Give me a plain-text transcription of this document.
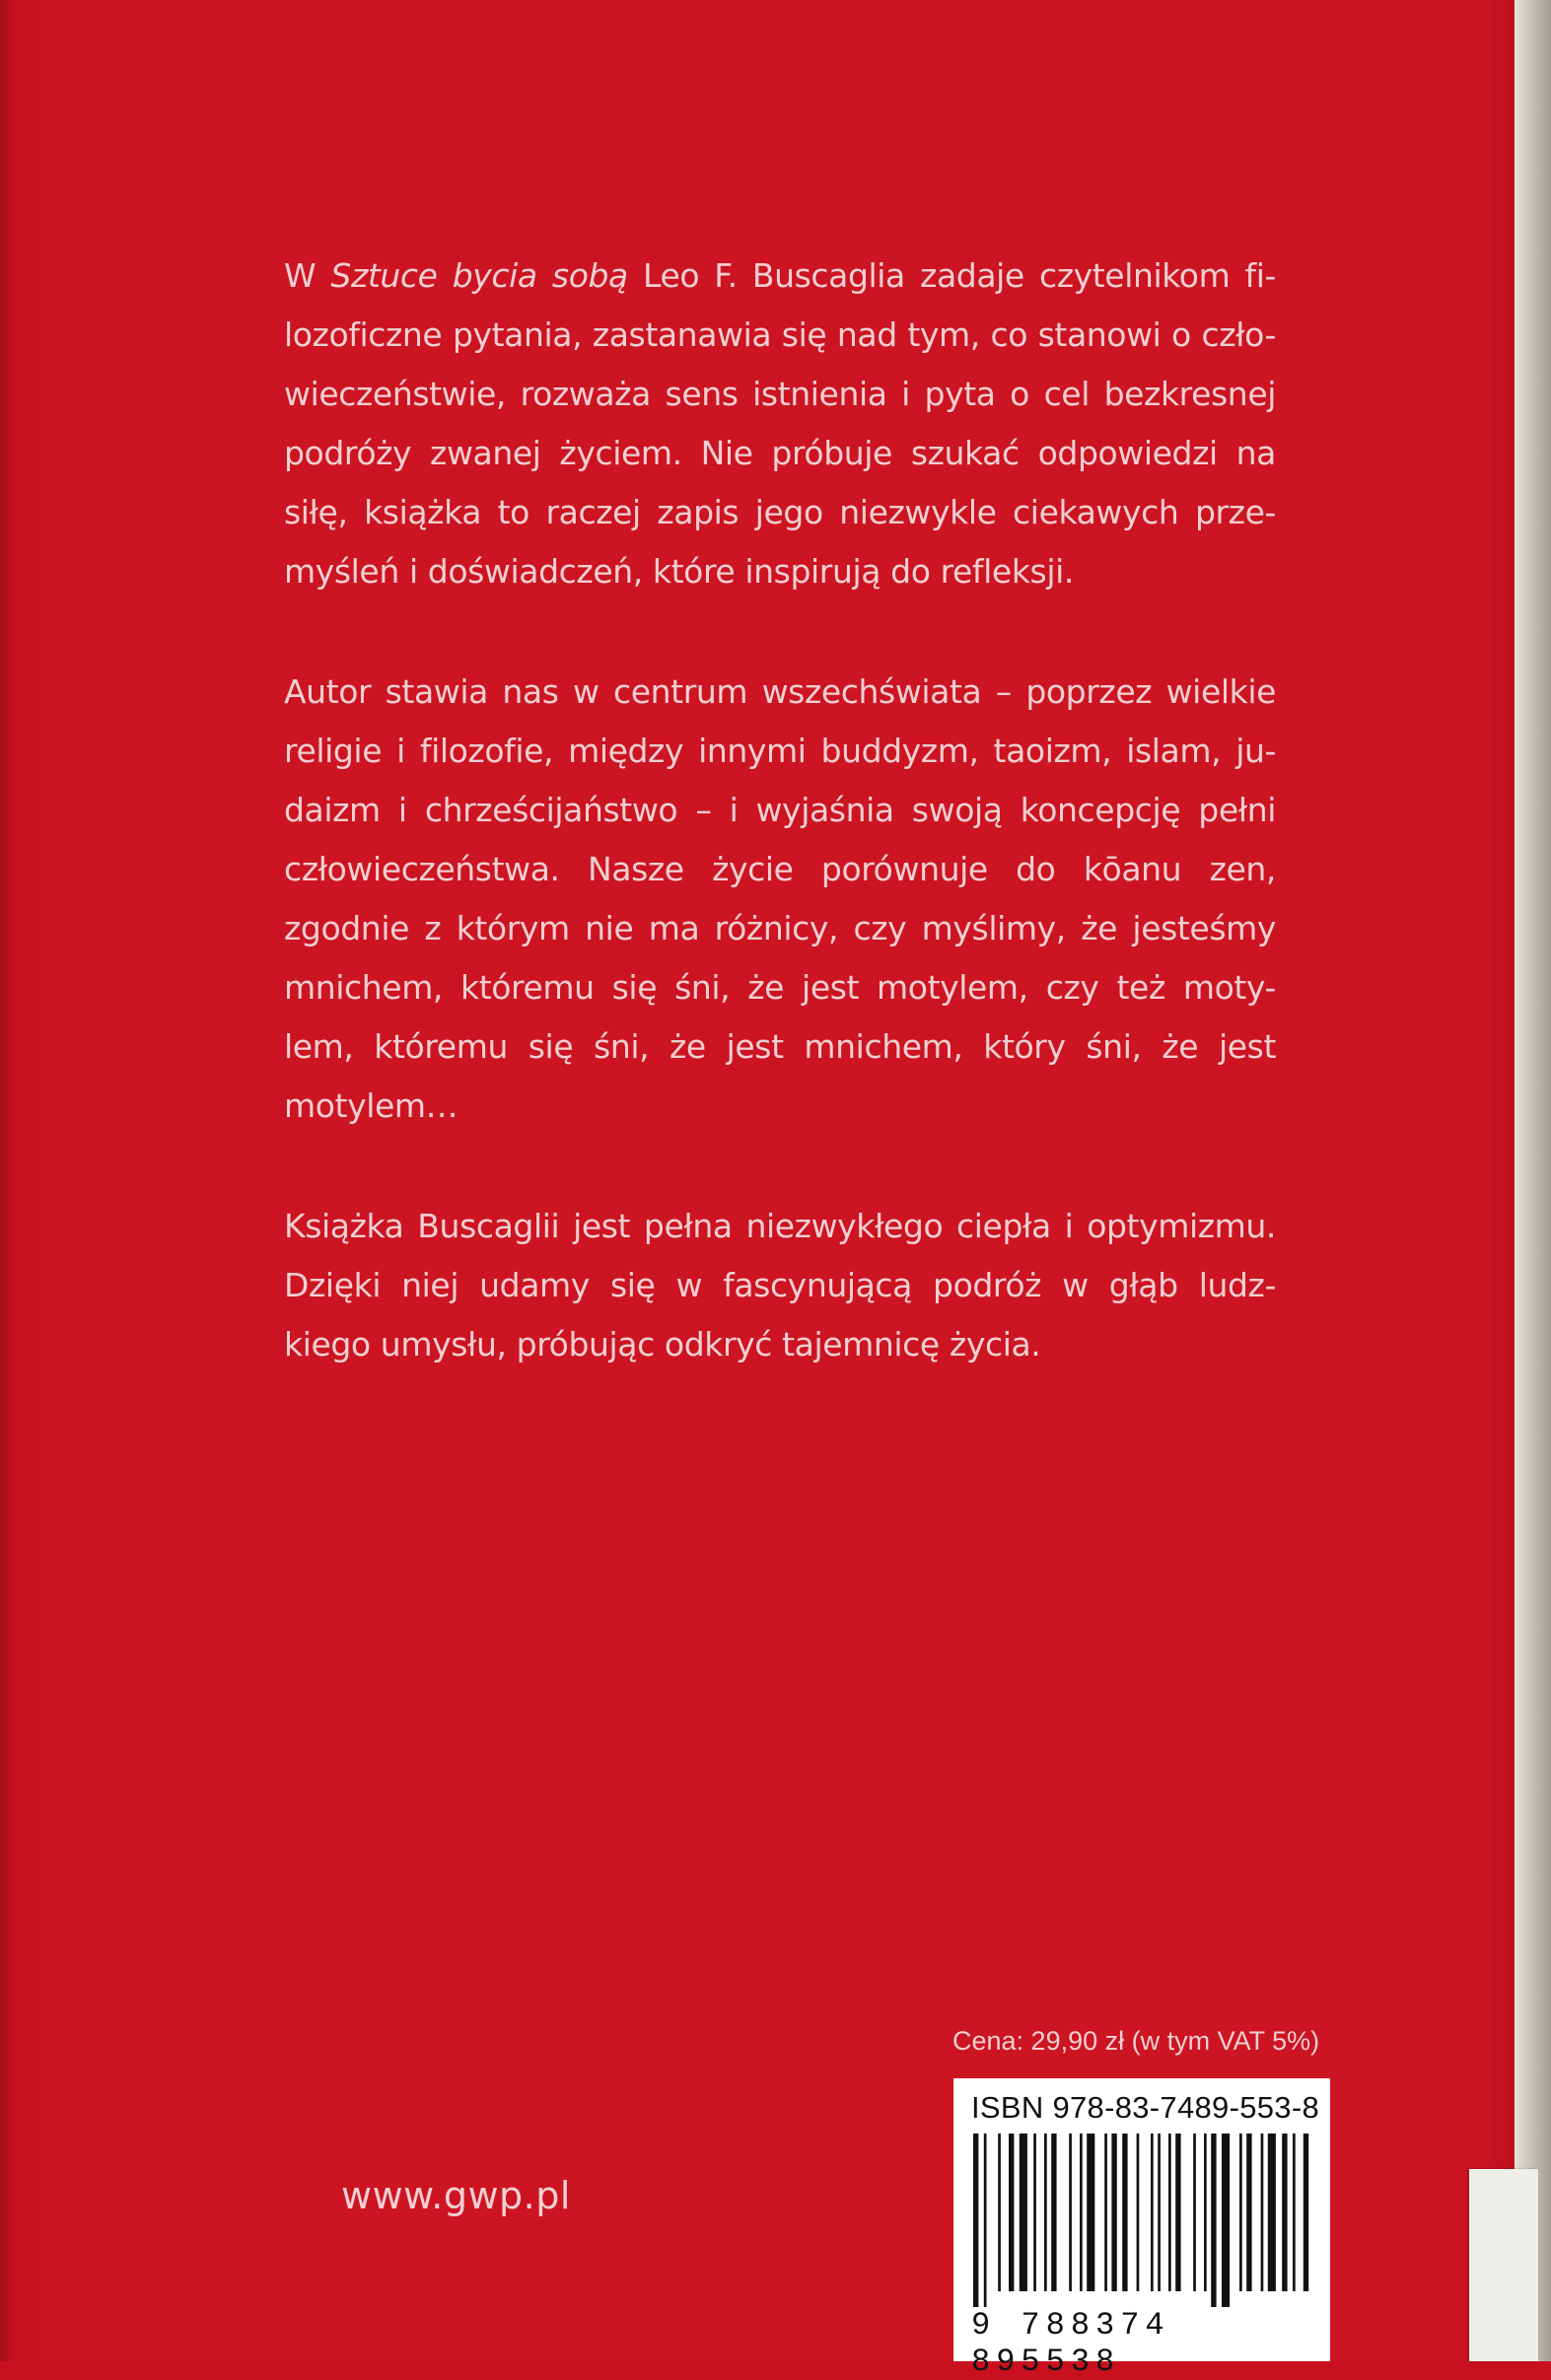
W Sztuce bycia sobą Leo F. Buscaglia zadaje czytelnikom fi-
lozoficzne pytania, zastanawia się nad tym, co stanowi o czło-
wieczeństwie, rozważa sens istnienia i pyta o cel bezkresnej
podróży zwanej życiem. Nie próbuje szukać odpowiedzi na
siłę, książka to raczej zapis jego niezwykle ciekawych prze-
myśleń i doświadczeń, które inspirują do refleksji.

Autor stawia nas w centrum wszechświata – poprzez wielkie
religie i filozofie, między innymi buddyzm, taoizm, islam, ju-
daizm i chrześcijaństwo – i wyjaśnia swoją koncepcję pełni
człowieczeństwa. Nasze życie porównuje do kōanu zen,
zgodnie z którym nie ma różnicy, czy myślimy, że jesteśmy
mnichem, któremu się śni, że jest motylem, czy też moty-
lem, któremu się śni, że jest mnichem, który śni, że jest
motylem…

Książka Buscaglii jest pełna niezwykłego ciepła i optymizmu.
Dzięki niej udamy się w fascynującą podróż w głąb ludz-
kiego umysłu, próbując odkryć tajemnicę życia.

www.gwp.pl
Cena: 29,90 zł (w tym VAT 5%)
ISBN 978-83-7489-553-8
9 788374 895538
